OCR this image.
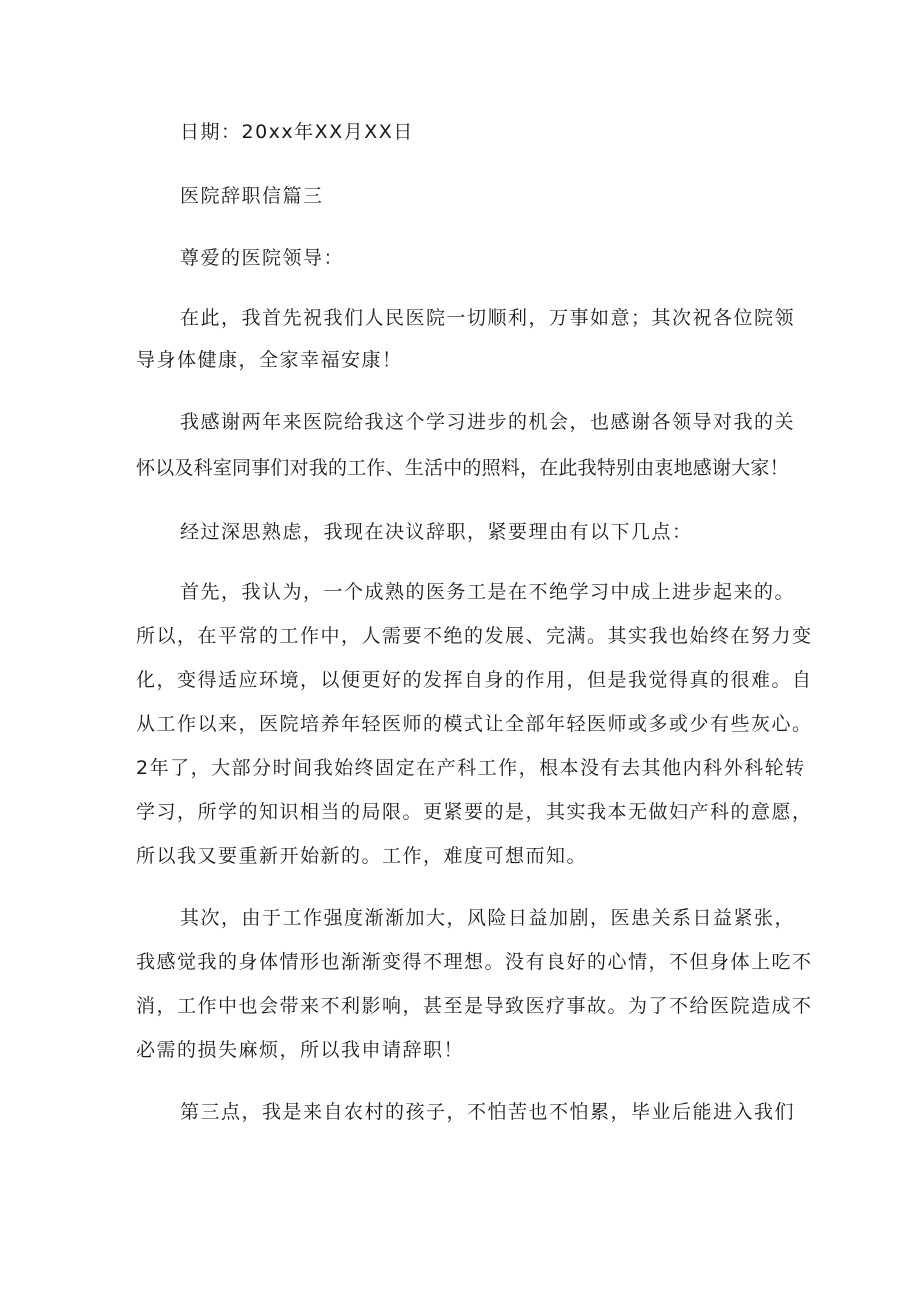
日期：20xx年XX月XX日
医院辞职信篇三
尊爱的医院领导：
在此，我首先祝我们人民医院一切顺利，万事如意；其次祝各位院领
导身体健康，全家幸福安康！
我感谢两年来医院给我这个学习进步的机会，也感谢各领导对我的关
怀以及科室同事们对我的工作、生活中的照料，在此我特别由衷地感谢大家！
经过深思熟虑，我现在决议辞职，紧要理由有以下几点：
首先，我认为，一个成熟的医务工是在不绝学习中成上进步起来的。
所以，在平常的工作中，人需要不绝的发展、完满。其实我也始终在努力变
化，变得适应环境，以便更好的发挥自身的作用，但是我觉得真的很难。自
从工作以来，医院培养年轻医师的模式让全部年轻医师或多或少有些灰心。
2年了，大部分时间我始终固定在产科工作，根本没有去其他内科外科轮转
学习，所学的知识相当的局限。更紧要的是，其实我本无做妇产科的意愿，
所以我又要重新开始新的。工作，难度可想而知。
其次，由于工作强度渐渐加大，风险日益加剧，医患关系日益紧张，
我感觉我的身体情形也渐渐变得不理想。没有良好的心情，不但身体上吃不
消，工作中也会带来不利影响，甚至是导致医疗事故。为了不给医院造成不
必需的损失麻烦，所以我申请辞职！
第三点，我是来自农村的孩子，不怕苦也不怕累，毕业后能进入我们
